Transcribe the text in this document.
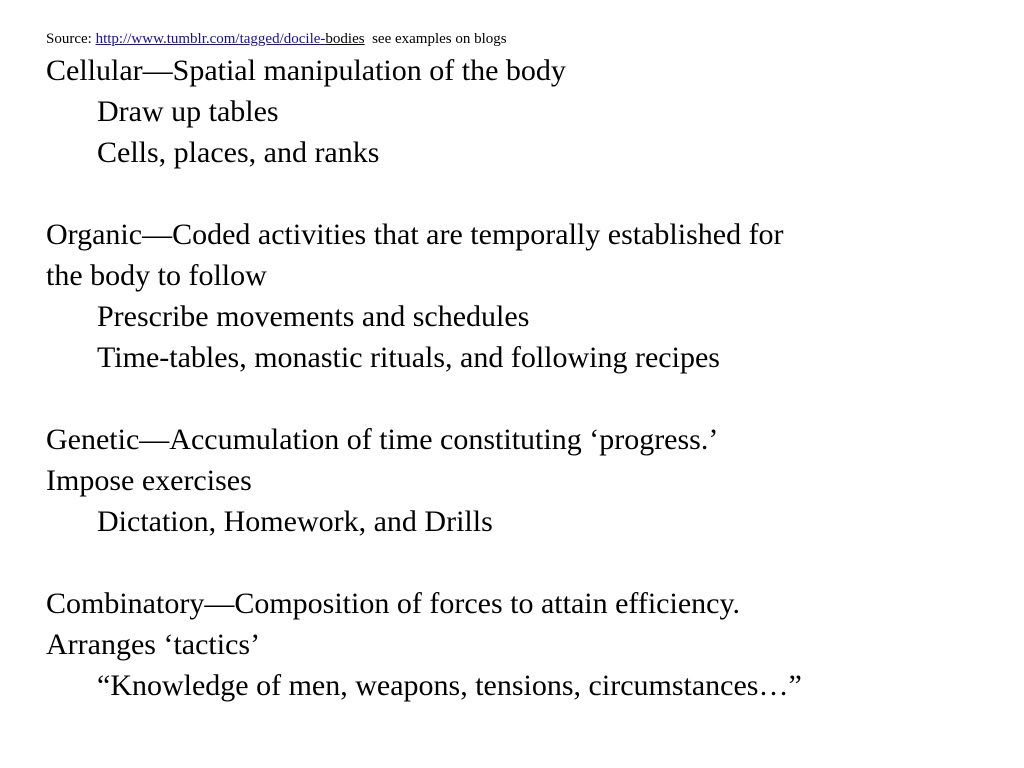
Source: http://www.tumblr.com/tagged/docile-bodies see examples on blogs
Cellular—Spatial manipulation of the body
Draw up tables
Cells, places, and ranks
Organic—Coded activities that are temporally established for
the body to follow
Prescribe movements and schedules
Time-tables, monastic rituals, and following recipes
Genetic—Accumulation of time constituting ‘progress.’
Impose exercises
Dictation, Homework, and Drills
Combinatory—Composition of forces to attain efficiency.
Arranges ‘tactics’
“Knowledge of men, weapons, tensions, circumstances…”
